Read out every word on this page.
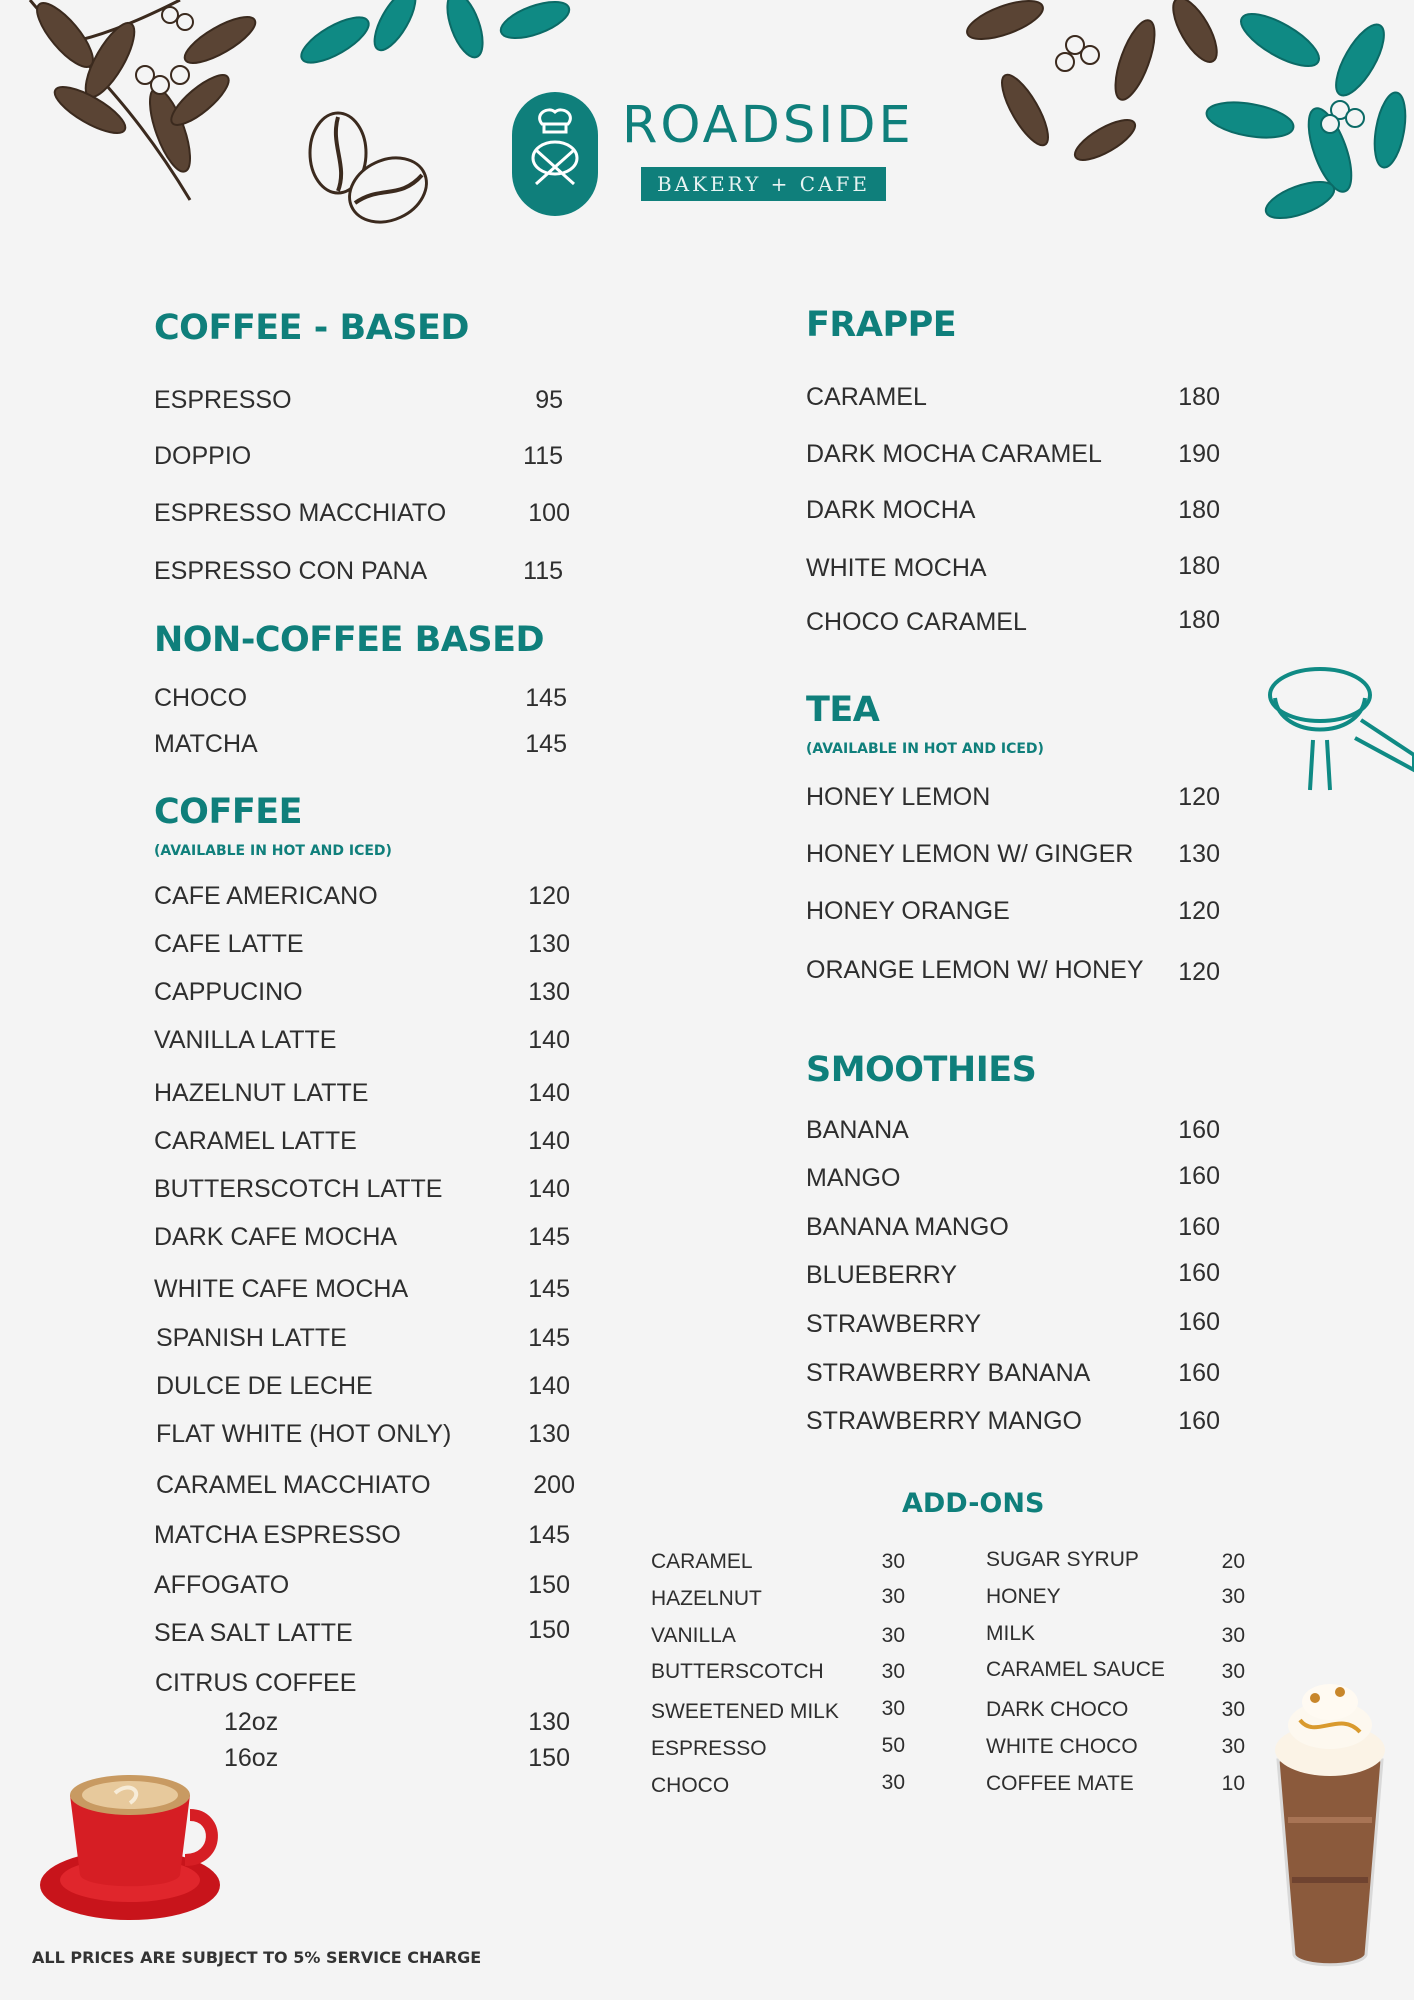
ROADSIDE
BAKERY + CAFE
COFFEE - BASED
ESPRESSO	95
DOPPIO	115
ESPRESSO MACCHIATO	100
ESPRESSO CON PANA	115
NON-COFFEE BASED
CHOCO	145
MATCHA	145
COFFEE
(AVAILABLE IN HOT AND ICED)
CAFE AMERICANO	120
CAFE LATTE	130
CAPPUCINO	130
VANILLA LATTE	140
HAZELNUT LATTE	140
CARAMEL LATTE	140
BUTTERSCOTCH LATTE	140
DARK CAFE MOCHA	145
WHITE CAFE MOCHA	145
SPANISH LATTE	145
DULCE DE LECHE	140
FLAT WHITE (HOT ONLY)	130
CARAMEL MACCHIATO	200
MATCHA ESPRESSO	145
AFFOGATO	150
SEA SALT LATTE	150
CITRUS COFFEE
12oz	130
16oz	150
FRAPPE
CARAMEL	180
DARK MOCHA CARAMEL	190
DARK MOCHA	180
WHITE MOCHA	180
CHOCO CARAMEL	180
TEA
(AVAILABLE IN HOT AND ICED)
HONEY LEMON	120
HONEY LEMON W/ GINGER	130
HONEY ORANGE	120
ORANGE LEMON W/ HONEY	120
SMOOTHIES
BANANA	160
MANGO	160
BANANA MANGO	160
BLUEBERRY	160
STRAWBERRY	160
STRAWBERRY BANANA	160
STRAWBERRY MANGO	160
ADD-ONS
CARAMEL	30
HAZELNUT	30
VANILLA	30
BUTTERSCOTCH	30
SWEETENED MILK	30
ESPRESSO	50
CHOCO	30
SUGAR SYRUP	20
HONEY	30
MILK	30
CARAMEL SAUCE	30
DARK CHOCO	30
WHITE CHOCO	30
COFFEE MATE	10
ALL PRICES ARE SUBJECT TO 5% SERVICE CHARGE
